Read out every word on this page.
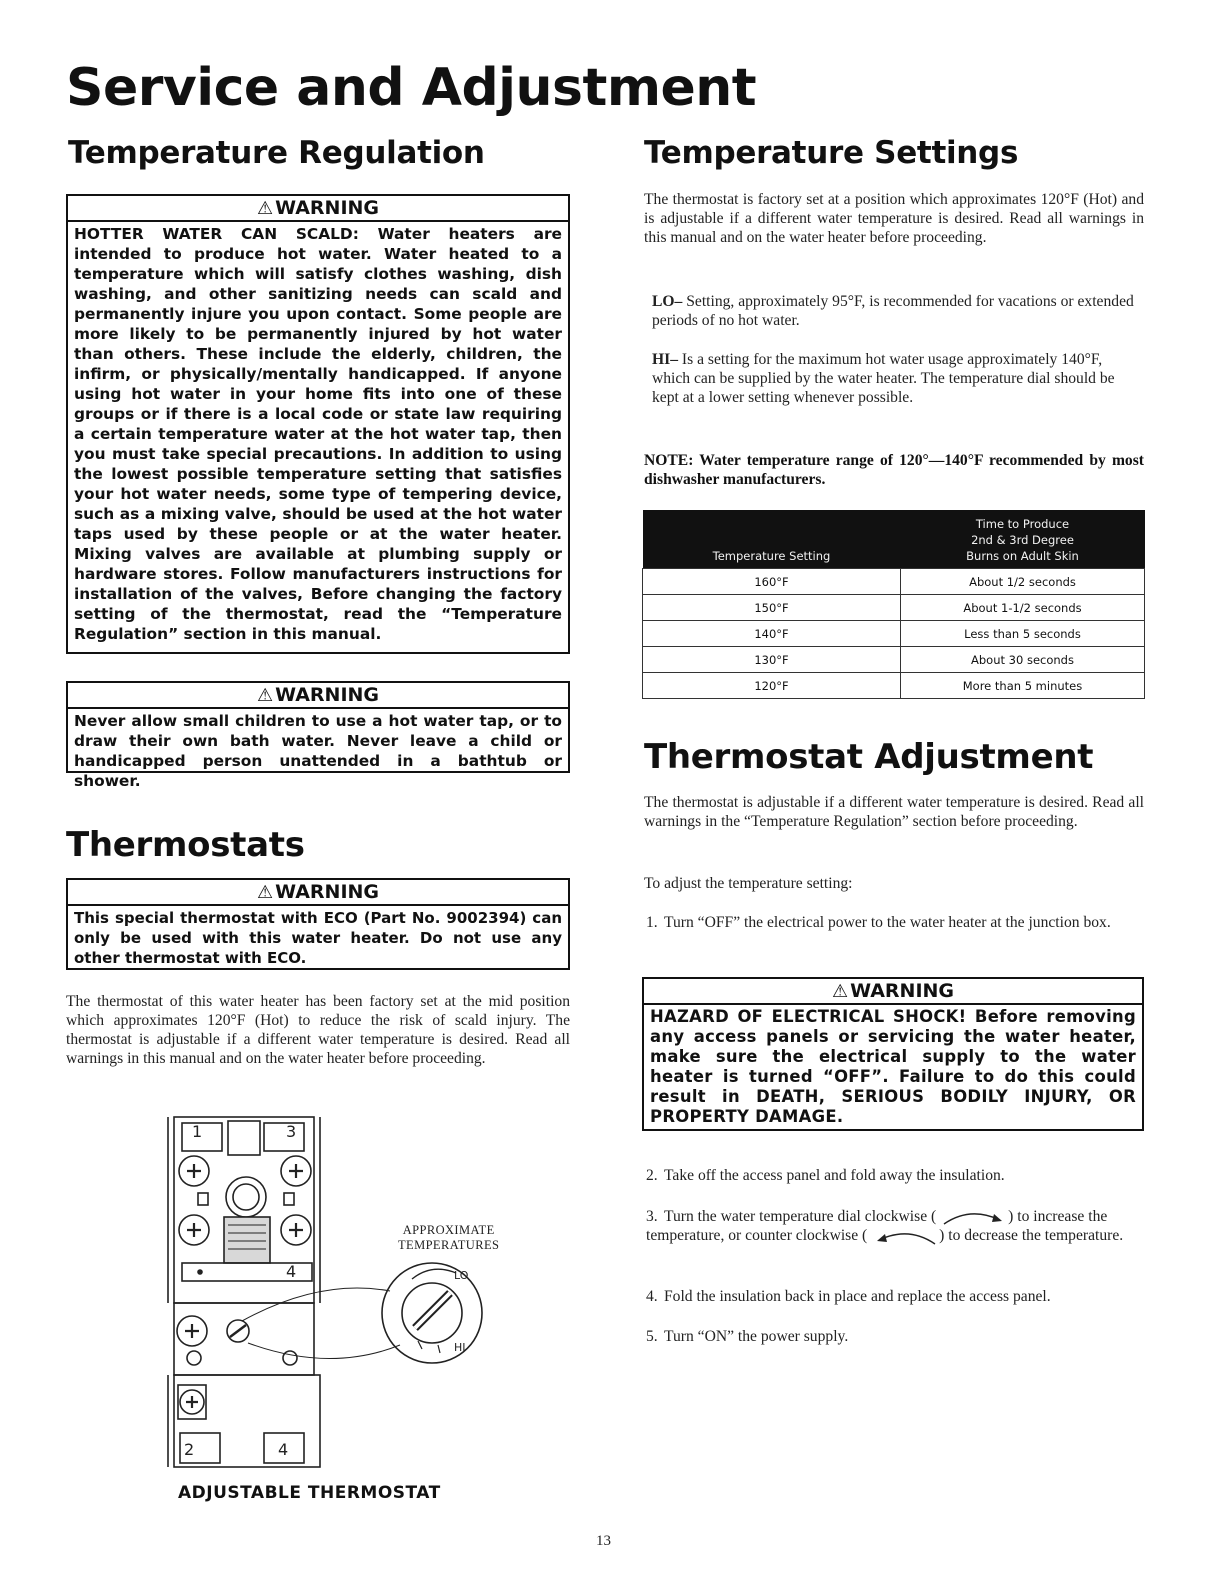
Service and Adjustment
Temperature Regulation
⚠ WARNING
HOTTER WATER CAN SCALD: Water heaters are intended to produce hot water. Water heated to a temperature which will satisfy clothes washing, dish washing, and other sanitizing needs can scald and permanently injure you upon contact. Some people are more likely to be permanently injured by hot water than others. These include the elderly, children, the infirm, or physically/mentally handicapped. If anyone using hot water in your home fits into one of these groups or if there is a local code or state law requiring a certain temperature water at the hot water tap, then you must take special precautions. In addition to using the lowest possible temperature setting that satisfies your hot water needs, some type of tempering device, such as a mixing valve, should be used at the hot water taps used by these people or at the water heater. Mixing valves are available at plumbing supply or hardware stores. Follow manufacturers instructions for installation of the valves, Before changing the factory setting of the thermostat, read the “Temperature Regulation” section in this manual.
⚠ WARNING
Never allow small children to use a hot water tap, or to draw their own bath water. Never leave a child or handicapped person unattended in a bathtub or shower.
Thermostats
⚠ WARNING
This special thermostat with ECO (Part No. 9002394) can only be used with this water heater. Do not use any other thermostat with ECO.
The thermostat of this water heater has been factory set at the mid position which approximates 120°F (Hot) to reduce the risk of scald injury. The thermostat is adjustable if a different water temperature is desired. Read all warnings in this manual and on the water heater before proceeding.
1	3
4
2	4
LO
HI
APPROXIMATE
TEMPERATURES
ADJUSTABLE THERMOSTAT
Temperature Settings
The thermostat is factory set at a position which approximates 120°F (Hot) and is adjustable if a different water temperature is desired. Read all warnings in this manual and on the water heater before proceeding.
LO– Setting, approximately 95°F, is recommended for vacations or extended periods of no hot water.
HI– Is a setting for the maximum hot water usage approximately 140°F, which can be supplied by the water heater. The temperature dial should be kept at a lower setting whenever possible.
NOTE: Water temperature range of 120°—140°F recommended by most dishwasher manufacturers.
Temperature Setting	Time to Produce
2nd & 3rd Degree
Burns on Adult Skin

160°F	About 1/2 seconds
150°F	About 1-1/2 seconds
140°F	Less than 5 seconds
130°F	About 30 seconds
120°F	More than 5 minutes
Thermostat Adjustment
The thermostat is adjustable if a different water temperature is desired. Read all warnings in the “Temperature Regulation” section before proceeding.
To adjust the temperature setting:
1. Turn “OFF” the electrical power to the water heater at the junction box.
⚠ WARNING
HAZARD OF ELECTRICAL SHOCK! Before removing any access panels or servicing the water heater, make sure the electrical supply to the water heater is turned “OFF”. Failure to do this could result in DEATH, SERIOUS BODILY INJURY, OR PROPERTY DAMAGE.
2. Take off the access panel and fold away the insulation.
3. Turn the water temperature dial clockwise (	) to increase the temperature, or counter clockwise (	) to decrease the temperature.
4. Fold the insulation back in place and replace the access panel.
5. Turn “ON” the power supply.
13
